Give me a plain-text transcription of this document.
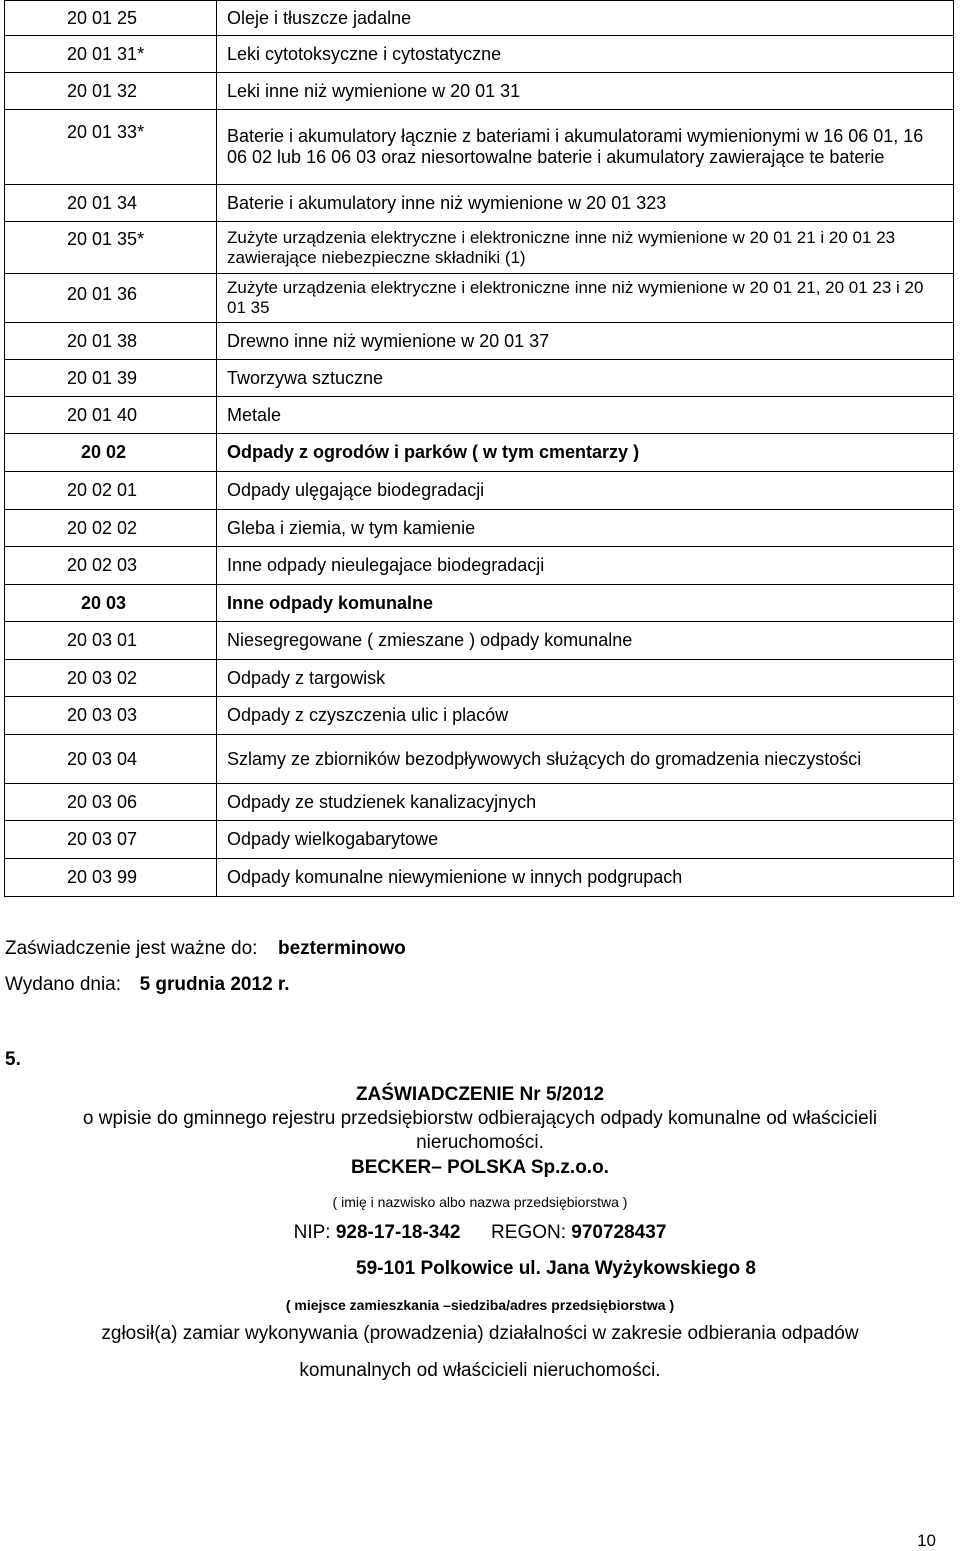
20 01 25	Oleje i tłuszcze jadalne
20 01 31*	Leki cytotoksyczne i cytostatyczne
20 01 32	Leki inne niż wymienione w 20 01 31
20 01 33*	Baterie i akumulatory łącznie z bateriami i akumulatorami wymienionymi w 16 06 01, 16 06 02 lub 16 06 03 oraz niesortowalne baterie i akumulatory zawierające te baterie
20 01 34	Baterie i akumulatory inne niż wymienione w 20 01 323
20 01 35*	Zużyte urządzenia elektryczne i elektroniczne inne niż wymienione w 20 01 21 i 20 01 23 zawierające niebezpieczne składniki (1)
20 01 36	Zużyte urządzenia elektryczne i elektroniczne inne niż wymienione w 20 01 21, 20 01 23 i 20 01 35
20 01 38	Drewno inne niż wymienione w 20 01 37
20 01 39	Tworzywa sztuczne
20 01 40	Metale
20 02	Odpady z ogrodów i parków ( w tym cmentarzy )
20 02 01	Odpady ulęgające biodegradacji
20 02 02	Gleba i ziemia, w tym kamienie
20 02 03	Inne odpady nieulegajace biodegradacji
20 03	Inne odpady komunalne
20 03 01	Niesegregowane ( zmieszane ) odpady komunalne
20 03 02	Odpady z targowisk
20 03 03	Odpady z czyszczenia ulic i placów
20 03 04	Szlamy ze zbiorników bezodpływowych służących do gromadzenia nieczystości
20 03 06	Odpady ze studzienek kanalizacyjnych
20 03 07	Odpady wielkogabarytowe
20 03 99	Odpady komunalne niewymienione w innych podgrupach
Zaświadczenie jest ważne do: bezterminowo
Wydano dnia: 5 grudnia 2012 r.
5.
ZAŚWIADCZENIE Nr 5/2012
o wpisie do gminnego rejestru przedsiębiorstw odbierających odpady komunalne od właścicieli
nieruchomości.
BECKER– POLSKA Sp.z.o.o.
( imię i nazwisko albo nazwa przedsiębiorstwa )
NIP: 928-17-18-342 REGON: 970728437
59-101 Polkowice ul. Jana Wyżykowskiego 8
( miejsce zamieszkania –siedziba/adres przedsiębiorstwa )
zgłosił(a) zamiar wykonywania (prowadzenia) działalności w zakresie odbierania odpadów
komunalnych od właścicieli nieruchomości.
10
